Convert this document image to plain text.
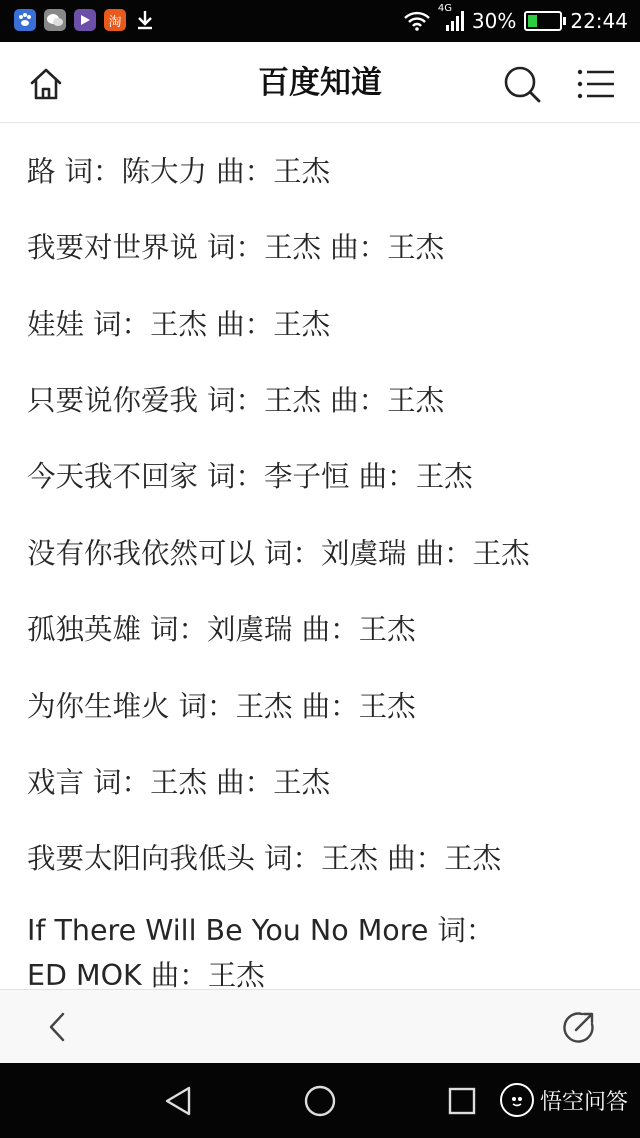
淘
4G
30%	22:44
百度知道
路 词：陈大力 曲：王杰
我要对世界说 词：王杰 曲：王杰
娃娃 词：王杰 曲：王杰
只要说你爱我 词：王杰 曲：王杰
今天我不回家 词：李子恒 曲：王杰
没有你我依然可以 词：刘虞瑞 曲：王杰
孤独英雄 词：刘虞瑞 曲：王杰
为你生堆火 词：王杰 曲：王杰
戏言 词：王杰 曲：王杰
我要太阳向我低头 词：王杰 曲：王杰
If There Will Be You No More 词：ED MOK 曲：王杰
悟空问答
